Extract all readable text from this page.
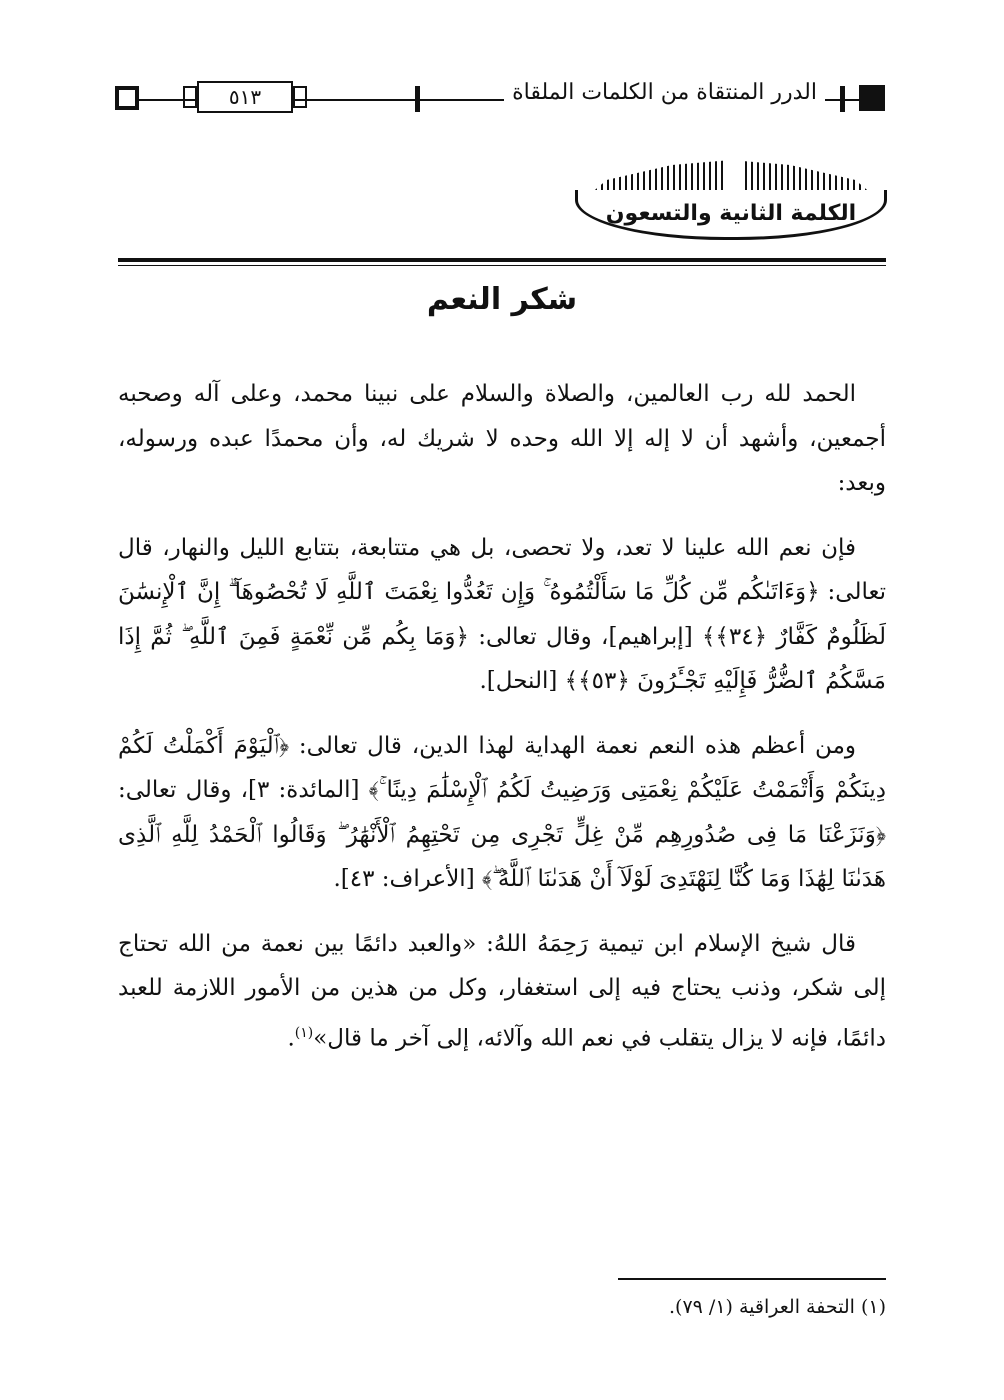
٥١٣	الدرر المنتقاة من الكلمات الملقاة
الكلمة الثانية والتسعون
شكر النعم

الحمد لله رب العالمين، والصلاة والسلام على نبينا محمد، وعلى آله وصحبه أجمعين، وأشهد أن لا إله إلا الله وحده لا شريك له، وأن محمدًا عبده ورسوله، وبعد:

فإن نعم الله علينا لا تعد، ولا تحصى، بل هي متتابعة، بتتابع الليل والنهار، قال تعالى: ﴿وَءَاتَىٰكُم مِّن كُلِّ مَا سَأَلْتُمُوهُ ۚ وَإِن تَعُدُّوا نِعْمَتَ ٱللَّهِ لَا تُحْصُوهَآ ۗ إِنَّ ٱلْإِنسَٰنَ لَظَلُومٌ كَفَّارٌ ﴿٣٤﴾﴾ [إبراهيم]، وقال تعالى: ﴿وَمَا بِكُم مِّن نِّعْمَةٍ فَمِنَ ٱللَّهِ ۖ ثُمَّ إِذَا مَسَّكُمُ ٱلضُّرُّ فَإِلَيْهِ تَجْـَٔرُونَ ﴿٥٣﴾﴾ [النحل].

ومن أعظم هذه النعم نعمة الهداية لهذا الدين، قال تعالى: ﴿ٱلْيَوْمَ أَكْمَلْتُ لَكُمْ دِينَكُمْ وَأَتْمَمْتُ عَلَيْكُمْ نِعْمَتِى وَرَضِيتُ لَكُمُ ٱلْإِسْلَٰمَ دِينًا ۚ﴾ [المائدة: ٣]، وقال تعالى: ﴿وَنَزَعْنَا مَا فِى صُدُورِهِم مِّنْ غِلٍّ تَجْرِى مِن تَحْتِهِمُ ٱلْأَنْهَٰرُ ۖ وَقَالُوا ٱلْحَمْدُ لِلَّهِ ٱلَّذِى هَدَىٰنَا لِهَٰذَا وَمَا كُنَّا لِنَهْتَدِىَ لَوْلَآ أَنْ هَدَىٰنَا ٱللَّهُ ۖ﴾ [الأعراف: ٤٣].

قال شيخ الإسلام ابن تيمية رَحِمَهُ اللهُ: «والعبد دائمًا بين نعمة من الله تحتاج إلى شكر، وذنب يحتاج فيه إلى استغفار، وكل من هذين من الأمور اللازمة للعبد دائمًا، فإنه لا يزال يتقلب في نعم الله وآلائه، إلى آخر ما قال»$^{(١)}$.

(١) التحفة العراقية (١/ ٧٩).
